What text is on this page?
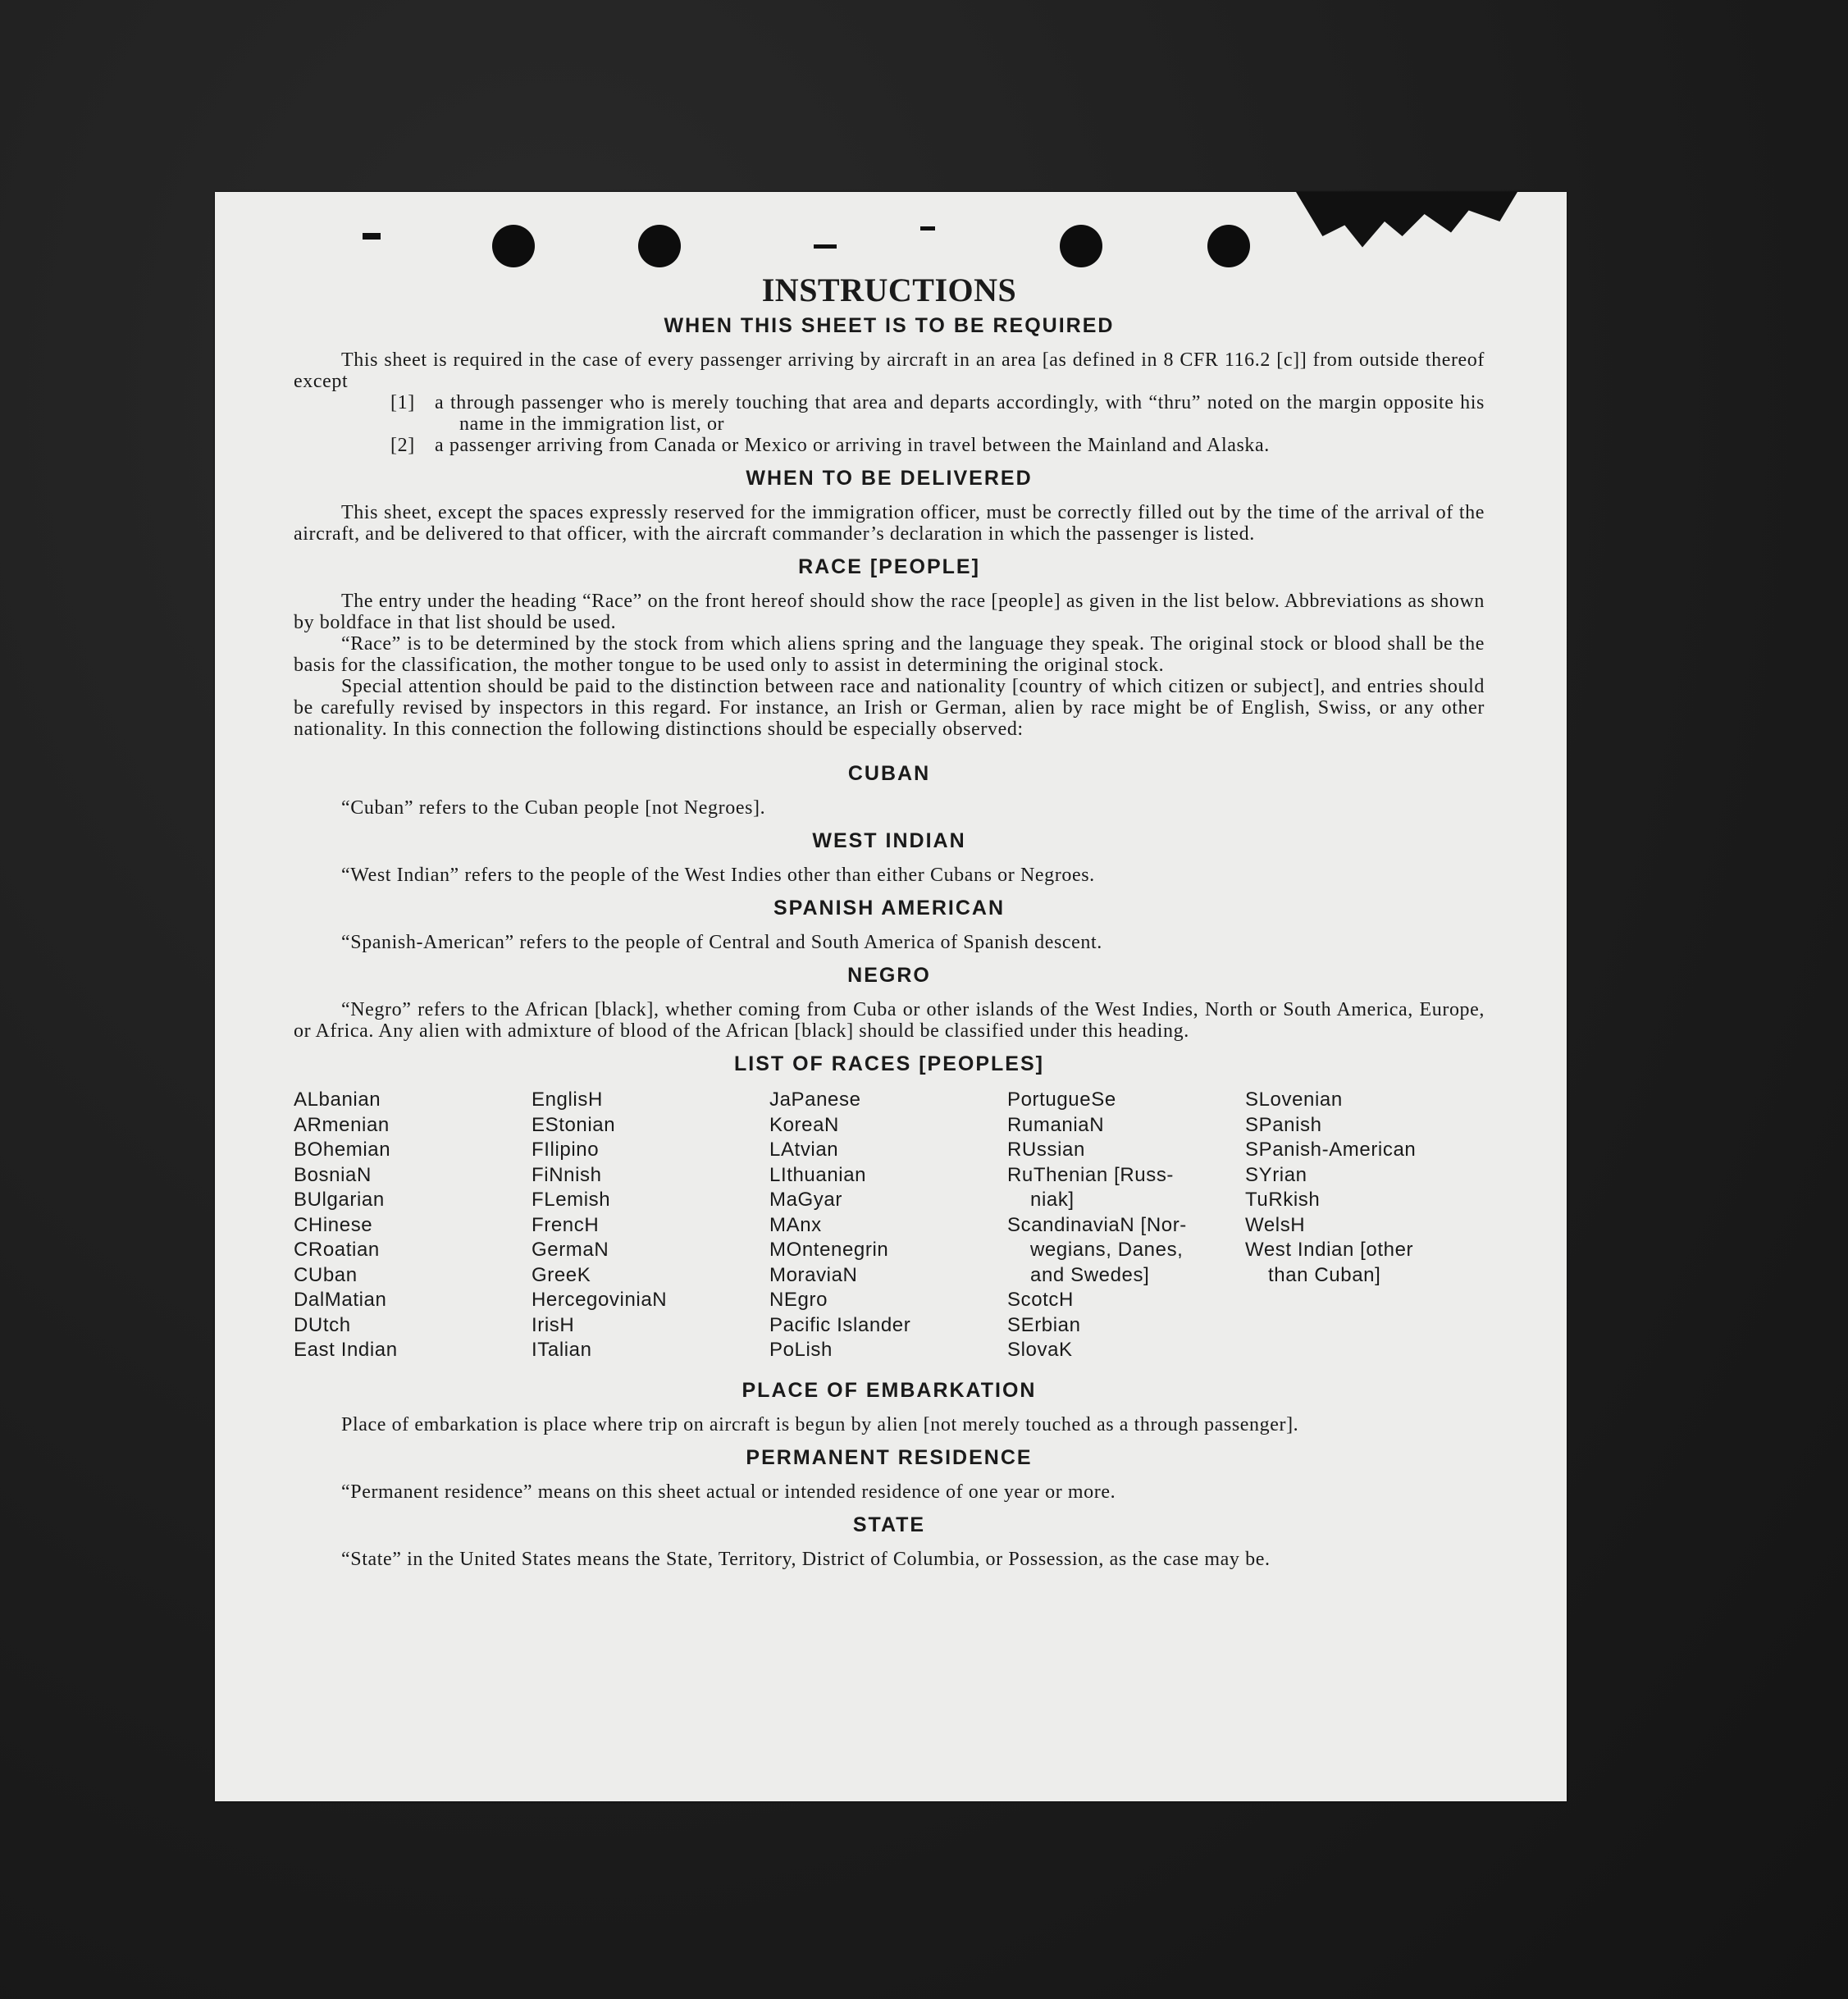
INSTRUCTIONS
WHEN THIS SHEET IS TO BE REQUIRED

This sheet is required in the case of every passenger arriving by aircraft in an area [as defined in 8 CFR 116.2 [c]] from outside thereof except

[1]	a through passenger who is merely touching that area and departs accordingly, with “thru” noted on the margin opposite his name in the immigration list, or
[2]	a passenger arriving from Canada or Mexico or arriving in travel between the Mainland and Alaska.
WHEN TO BE DELIVERED

This sheet, except the spaces expressly reserved for the immigration officer, must be correctly filled out by the time of the arrival of the aircraft, and be delivered to that officer, with the aircraft commander’s declaration in which the passenger is listed.

RACE [PEOPLE]

The entry under the heading “Race” on the front hereof should show the race [people] as given in the list below. Abbreviations as shown by boldface in that list should be used.

“Race” is to be determined by the stock from which aliens spring and the language they speak. The original stock or blood shall be the basis for the classification, the mother tongue to be used only to assist in determining the original stock.

Special attention should be paid to the distinction between race and nationality [country of which citizen or subject], and entries should be carefully revised by inspectors in this regard. For instance, an Irish or German, alien by race might be of English, Swiss, or any other nationality. In this connection the following distinctions should be especially observed:

CUBAN

“Cuban” refers to the Cuban people [not Negroes].

WEST INDIAN

“West Indian” refers to the people of the West Indies other than either Cubans or Negroes.

SPANISH AMERICAN

“Spanish-American” refers to the people of Central and South America of Spanish descent.

NEGRO

“Negro” refers to the African [black], whether coming from Cuba or other islands of the West Indies, North or South America, Europe, or Africa. Any alien with admixture of blood of the African [black] should be classified under this heading.

LIST OF RACES [PEOPLES]
ALbanian
ARmenian
BOhemian
BosniaN
BUlgarian
CHinese
CRoatian
CUban
DalMatian
DUtch
East Indian
EnglisH
EStonian
FIlipino
FiNnish
FLemish
FrencH
GermaN
GreeK
HercegoviniaN
IrisH
ITalian
JaPanese
KoreaN
LAtvian
LIthuanian
MaGyar
MAnx
MOntenegrin
MoraviaN
NEgro
Pacific Islander
PoLish
PortugueSe
RumaniaN
RUssian
RuThenian [Russ-
niak]
ScandinaviaN [Nor-
wegians, Danes,
and Swedes]
ScotcH
SErbian
SlovaK
SLovenian
SPanish
SPanish-American
SYrian
TuRkish
WelsH
West Indian [other
than Cuban]
PLACE OF EMBARKATION

Place of embarkation is place where trip on aircraft is begun by alien [not merely touched as a through passenger].

PERMANENT RESIDENCE

“Permanent residence” means on this sheet actual or intended residence of one year or more.

STATE

“State” in the United States means the State, Territory, District of Columbia, or Possession, as the case may be.
